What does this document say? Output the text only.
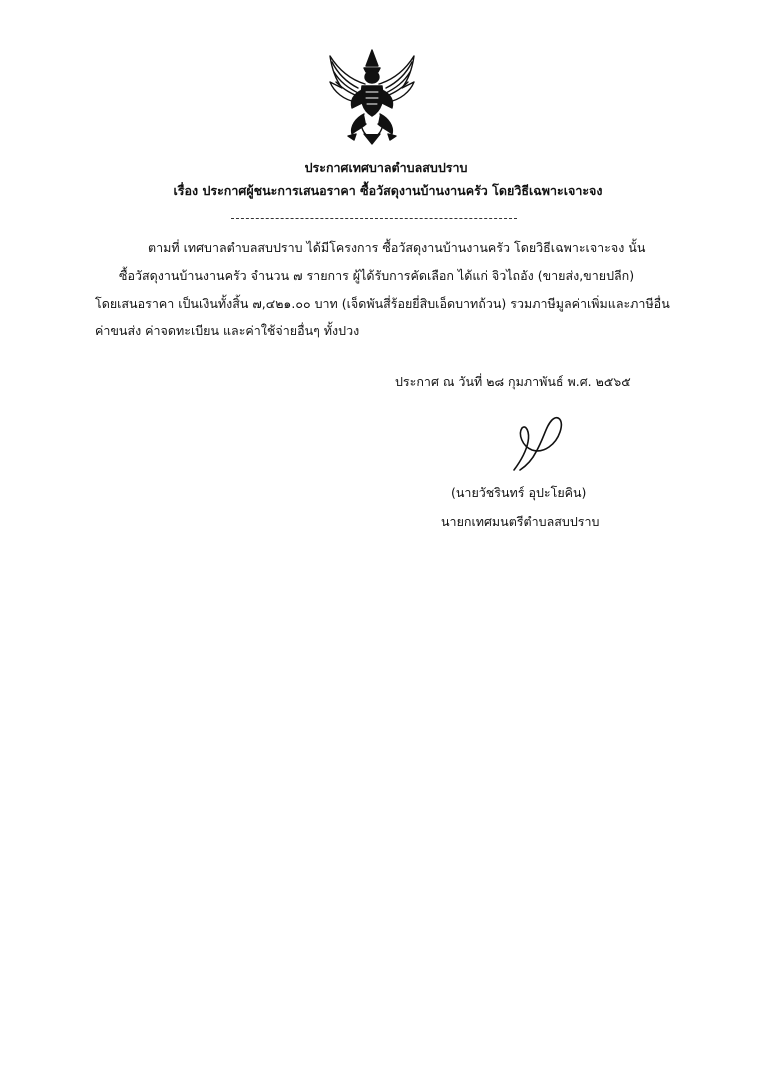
ประกาศเทศบาลตำบลสบปราบ
เรื่อง ประกาศผู้ชนะการเสนอราคา ซื้อวัสดุงานบ้านงานครัว โดยวิธีเฉพาะเจาะจง
ตามที่ เทศบาลตำบลสบปราบ ได้มีโครงการ ซื้อวัสดุงานบ้านงานครัว โดยวิธีเฉพาะเจาะจง นั้น
ซื้อวัสดุงานบ้านงานครัว จำนวน ๗ รายการ ผู้ได้รับการคัดเลือก ได้แก่ จิวไถอัง (ขายส่ง,ขายปลีก)
โดยเสนอราคา เป็นเงินทั้งสิ้น ๗,๔๒๑.๐๐ บาท (เจ็ดพันสี่ร้อยยี่สิบเอ็ดบาทถ้วน) รวมภาษีมูลค่าเพิ่มและภาษีอื่น
ค่าขนส่ง ค่าจดทะเบียน และค่าใช้จ่ายอื่นๆ ทั้งปวง
ประกาศ ณ วันที่ ๒๘ กุมภาพันธ์ พ.ศ. ๒๕๖๕
(นายวัชรินทร์ อุปะโยคิน)
นายกเทศมนตรีตำบลสบปราบ
